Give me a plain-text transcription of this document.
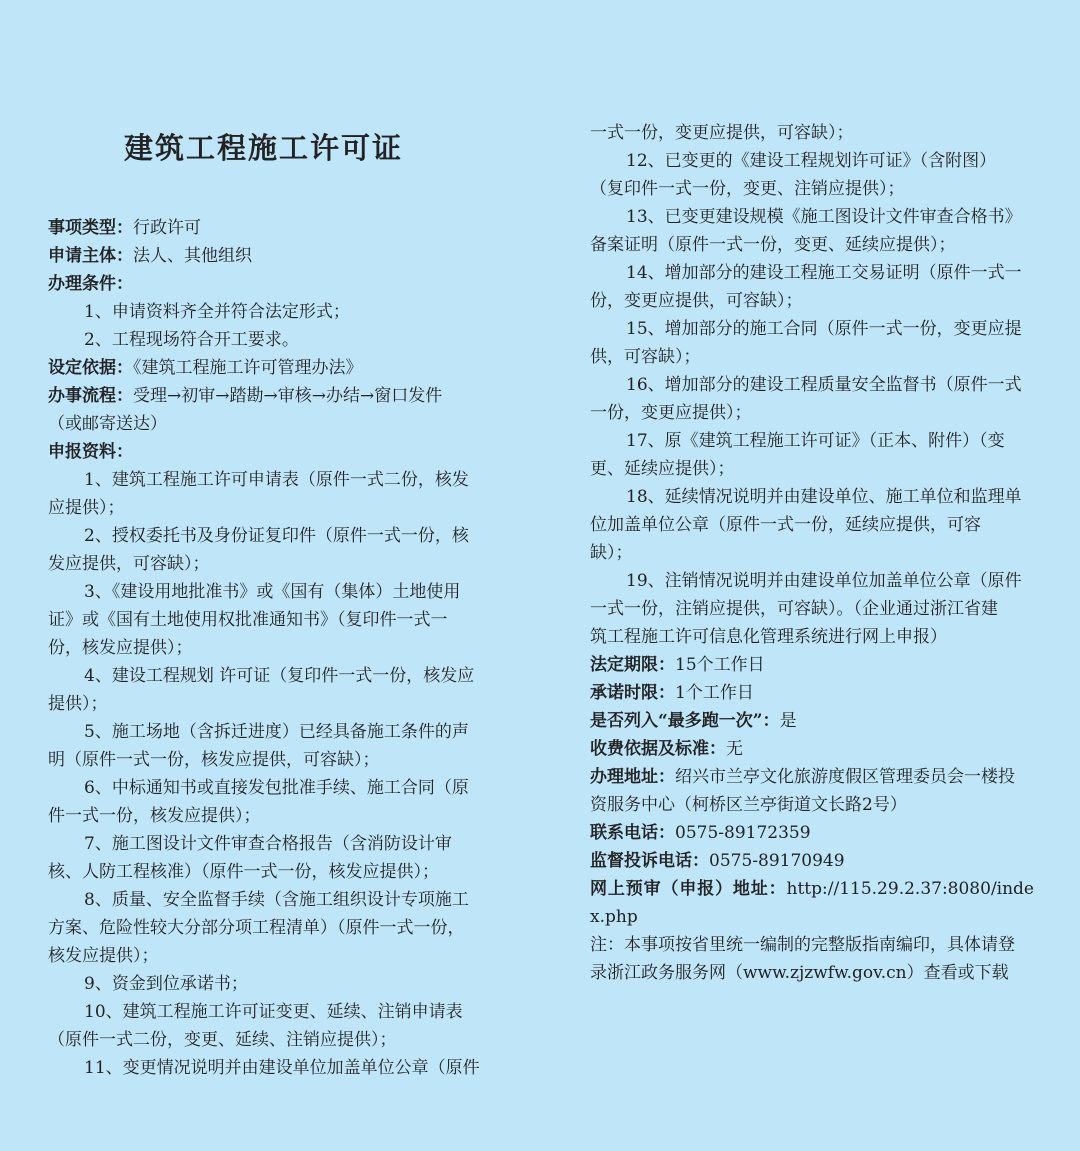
建筑工程施工许可证

事项类型：行政许可

申请主体：法人、其他组织

办理条件：

1、申请资料齐全并符合法定形式；

2、工程现场符合开工要求。

设定依据：《建筑工程施工许可管理办法》

办事流程：受理→初审→踏勘→审核→办结→窗口发件

（或邮寄送达）

申报资料：

1、建筑工程施工许可申请表（原件一式二份，核发

应提供）；

2、授权委托书及身份证复印件（原件一式一份，核

发应提供，可容缺）；

3、《建设用地批准书》或《国有（集体）土地使用

证》或《国有土地使用权批准通知书》（复印件一式一

份，核发应提供）；

4、建设工程规划 许可证（复印件一式一份，核发应

提供）；

5、施工场地（含拆迁进度）已经具备施工条件的声

明（原件一式一份，核发应提供，可容缺）；

6、中标通知书或直接发包批准手续、施工合同（原

件一式一份，核发应提供）；

7、施工图设计文件审查合格报告（含消防设计审

核、人防工程核准）（原件一式一份，核发应提供）；

8、质量、安全监督手续（含施工组织设计专项施工

方案、危险性较大分部分项工程清单）（原件一式一份，

核发应提供）；

9、资金到位承诺书；

10、建筑工程施工许可证变更、延续、注销申请表

（原件一式二份，变更、延续、注销应提供）；

11、变更情况说明并由建设单位加盖单位公章（原件

一式一份，变更应提供，可容缺）；

12、已变更的《建设工程规划许可证》（含附图）

（复印件一式一份，变更、注销应提供）；

13、已变更建设规模《施工图设计文件审查合格书》

备案证明（原件一式一份，变更、延续应提供）；

14、增加部分的建设工程施工交易证明（原件一式一

份，变更应提供，可容缺）；

15、增加部分的施工合同（原件一式一份，变更应提

供，可容缺）；

16、增加部分的建设工程质量安全监督书（原件一式

一份，变更应提供）；

17、原《建筑工程施工许可证》（正本、附件）（变

更、延续应提供）；

18、延续情况说明并由建设单位、施工单位和监理单

位加盖单位公章（原件一式一份，延续应提供，可容

缺）；

19、注销情况说明并由建设单位加盖单位公章（原件

一式一份，注销应提供，可容缺）。（企业通过浙江省建

筑工程施工许可信息化管理系统进行网上申报）

法定期限：15个工作日

承诺时限：1个工作日

是否列入“最多跑一次”：是

收费依据及标准：无

办理地址：绍兴市兰亭文化旅游度假区管理委员会一楼投

资服务中心（柯桥区兰亭街道文长路2号）

联系电话：0575-89172359

监督投诉电话：0575-89170949

网上预审（申报）地址：http://115.29.2.37:8080/index.php

注：本事项按省里统一编制的完整版指南编印，具体请登

录浙江政务服务网（www.zjzwfw.gov.cn）查看或下载
